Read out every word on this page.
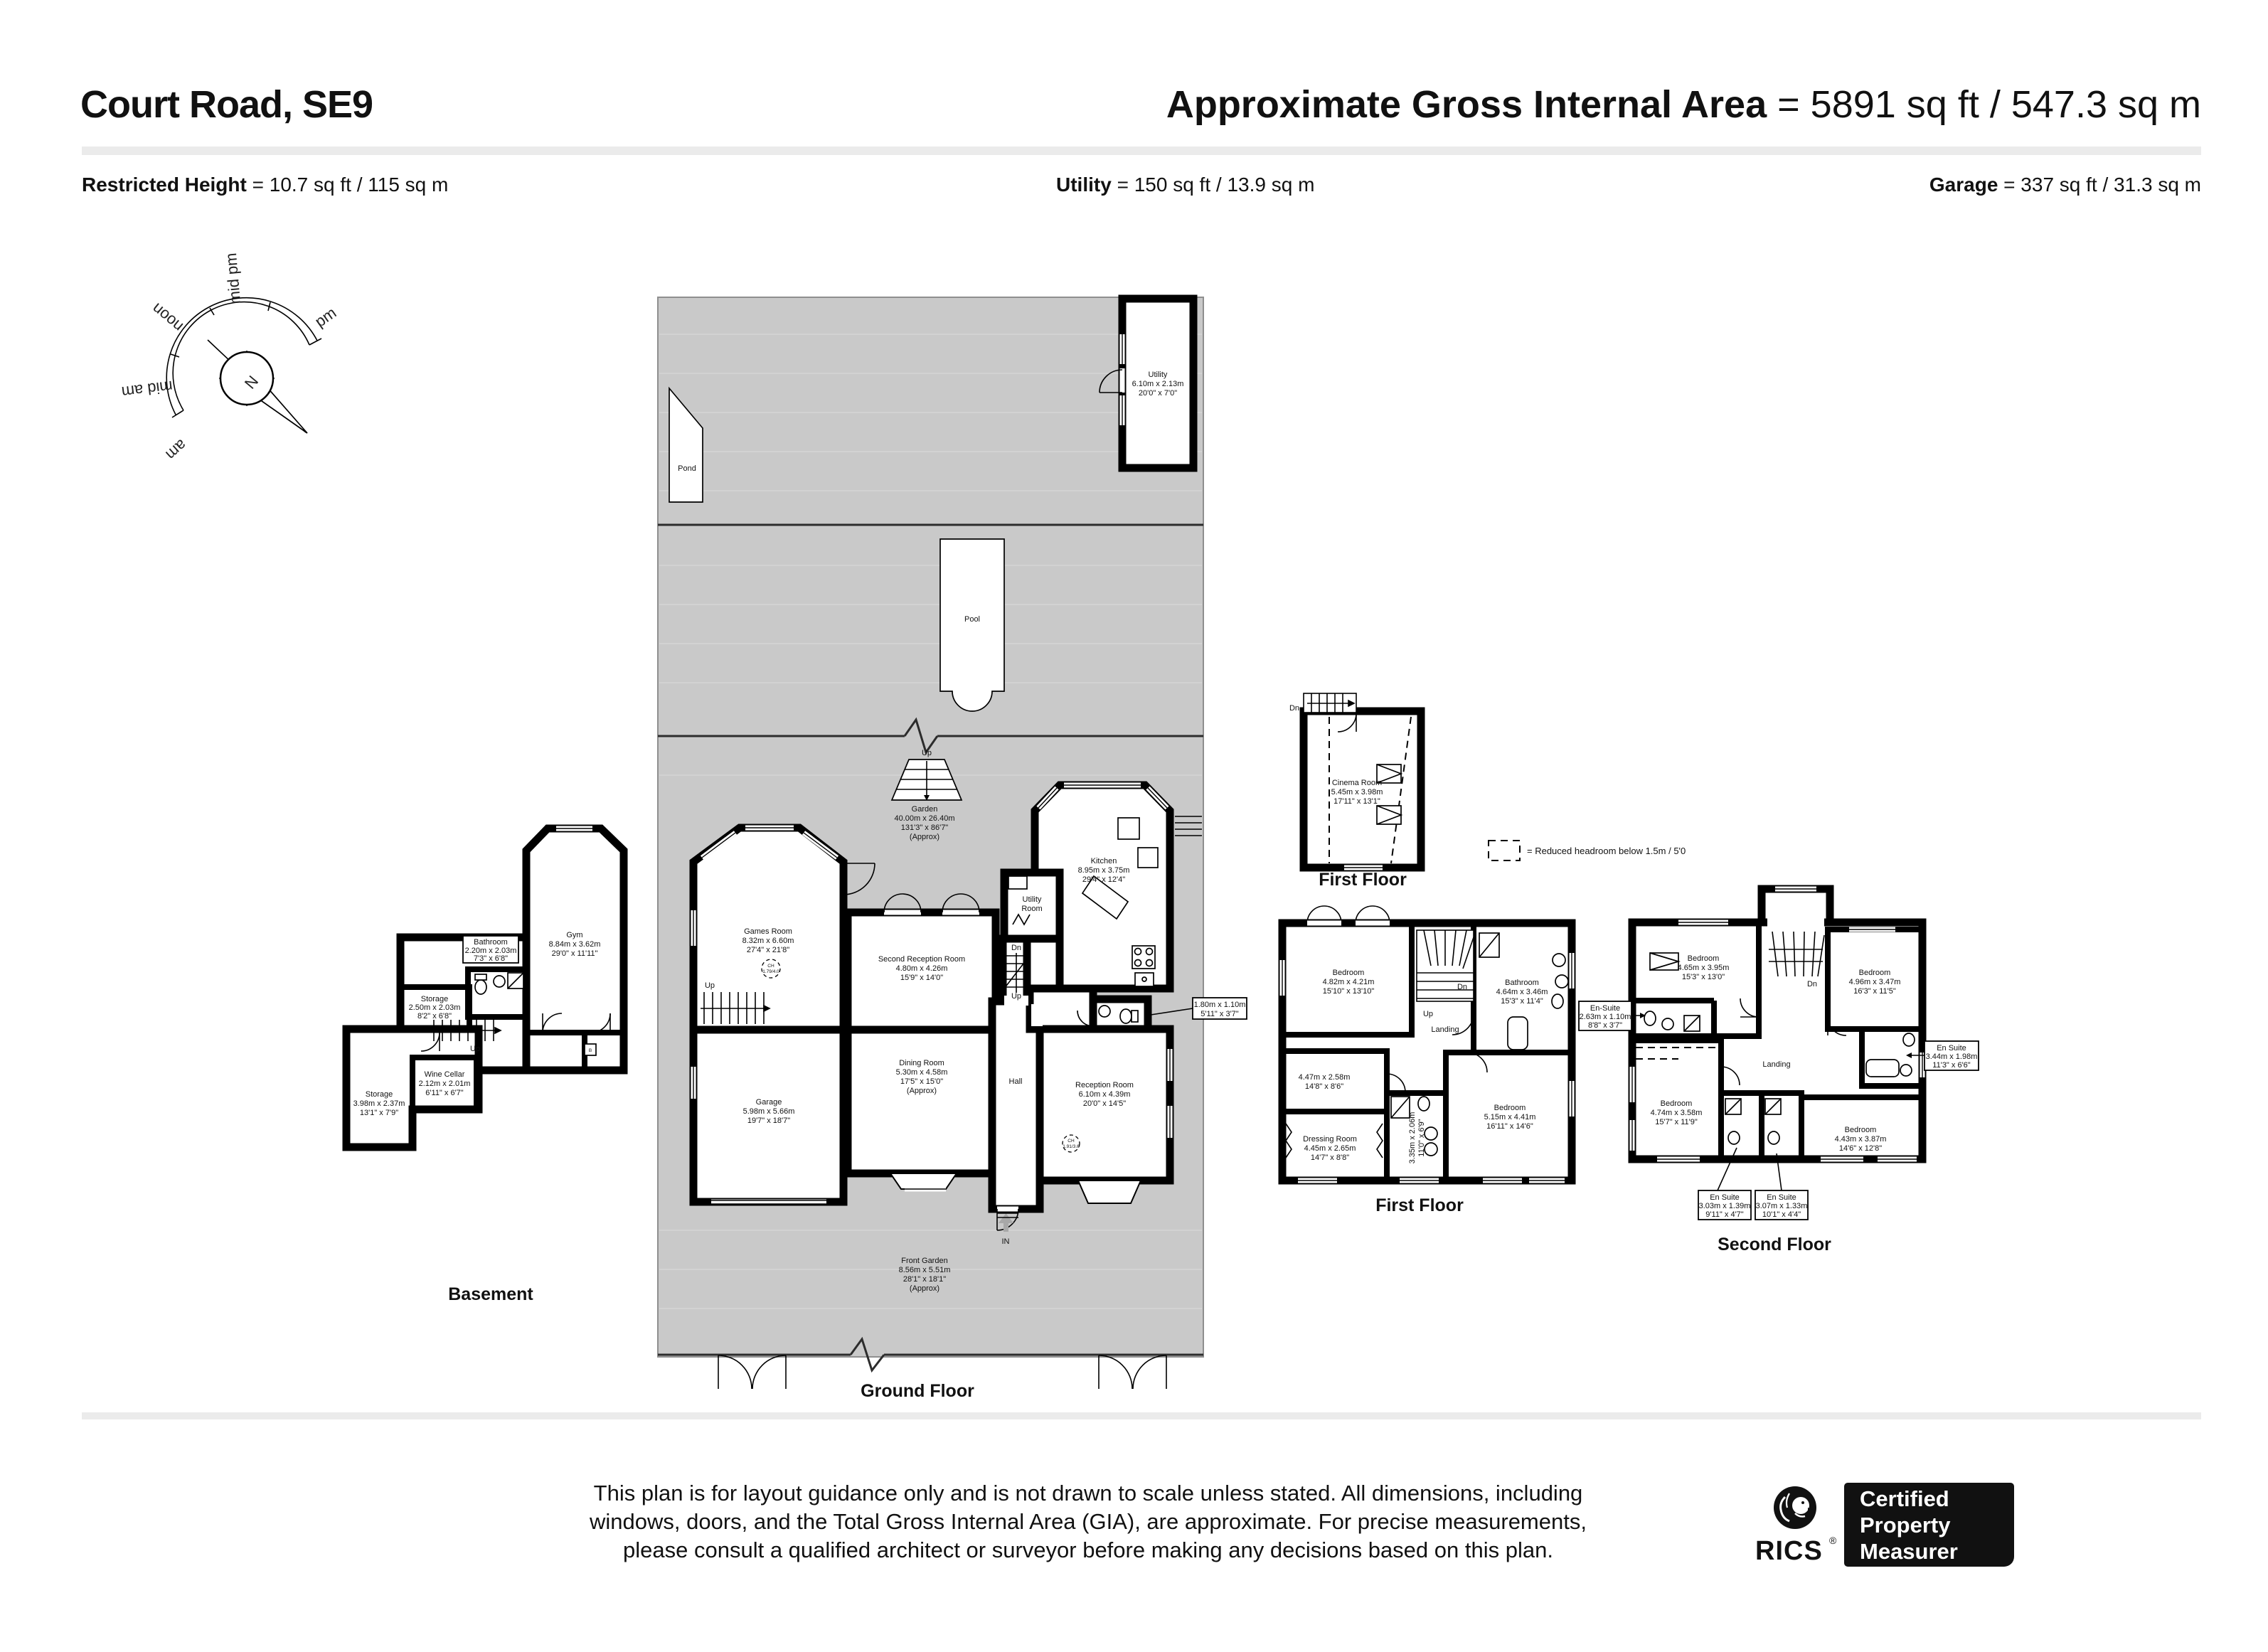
Court Road, SE9	Approximate Gross Internal Area = 5891 sq ft / 547.3 sq m
Restricted Height = 10.7 sq ft / 115 sq m	Utility = 150 sq ft / 13.9 sq m	Garage = 337 sq ft / 31.3 sq m
N
pm
mid pm
noon
mid am
am
Pond
Pool
Up
Garden
40.00m x 26.40m
131'3" x 86'7"
(Approx)
Front Garden
8.56m x 5.51m
28'1" x 18'1"
(Approx)
Utility
6.10m x 2.13m
20'0" x 7'0"
IN
Games Room
8.32m x 6.60m
27'4" x 21'8"
CH
1.79/4.0
Second Reception Room
4.80m x 4.26m
15'9" x 14'0"
Dining Room
5.30m x 4.58m
17'5" x 15'0"
(Approx)
Garage
5.98m x 5.66m
19'7" x 18'7"
Kitchen
8.95m x 3.75m
29'4" x 12'4"
Utility
Room
Dn
Up
Up
Hall	Reception Room
6.10m x 4.39m
20'0" x 14'5"
CH
1.91/3.6
Ground Floor
1.80m x 1.10m
5'11" x 3'7"
B
Bathroom
2.20m x 2.03m
7'3" x 6'8"
Gym
8.84m x 3.62m
29'0" x 11'11"
Storage
2.50m x 2.03m
8'2" x 6'8"
Up
Wine Cellar
2.12m x 2.01m
6'11" x 6'7"
Storage
3.98m x 2.37m
13'1" x 7'9"
Basement
Dn
Cinema Room
5.45m x 3.98m
17'11" x 13'1"
First Floor
= Reduced headroom below 1.5m / 5'0
Bedroom
4.82m x 4.21m
15'10" x 13'10"
Bathroom
4.64m x 3.46m
15'3" x 11'4"
Up
Dn
Landing
4.47m x 2.58m
14'8" x 8'6"
Dressing Room
4.45m x 2.65m
14'7" x 8'8"	3.35m x 2.06m 11'0" x 6'9"
Bedroom
5.15m x 4.41m
16'11" x 14'6"
First Floor
Bedroom
4.65m x 3.95m
15'3" x 13'0"	Bedroom
4.96m x 3.47m
16'3" x 11'5"
Dn
Landing
Bedroom
4.74m x 3.58m
15'7" x 11'9"
Bedroom
4.43m x 3.87m
14'6" x 12'8"
Second Floor
En-Suite
2.63m x 1.10m
8'8" x 3'7"
En Suite
3.44m x 1.98m
11'3" x 6'6"
En Suite
3.03m x 1.39m
9'11" x 4'7"
En Suite
3.07m x 1.33m
10'1" x 4'4"
This plan is for layout guidance only and is not drawn to scale unless stated. All dimensions, including
windows, doors, and the Total Gross Internal Area (GIA), are approximate. For precise measurements,
please consult a qualified architect or surveyor before making any decisions based on this plan.	RICS ®
Certified
Property
Measurer
